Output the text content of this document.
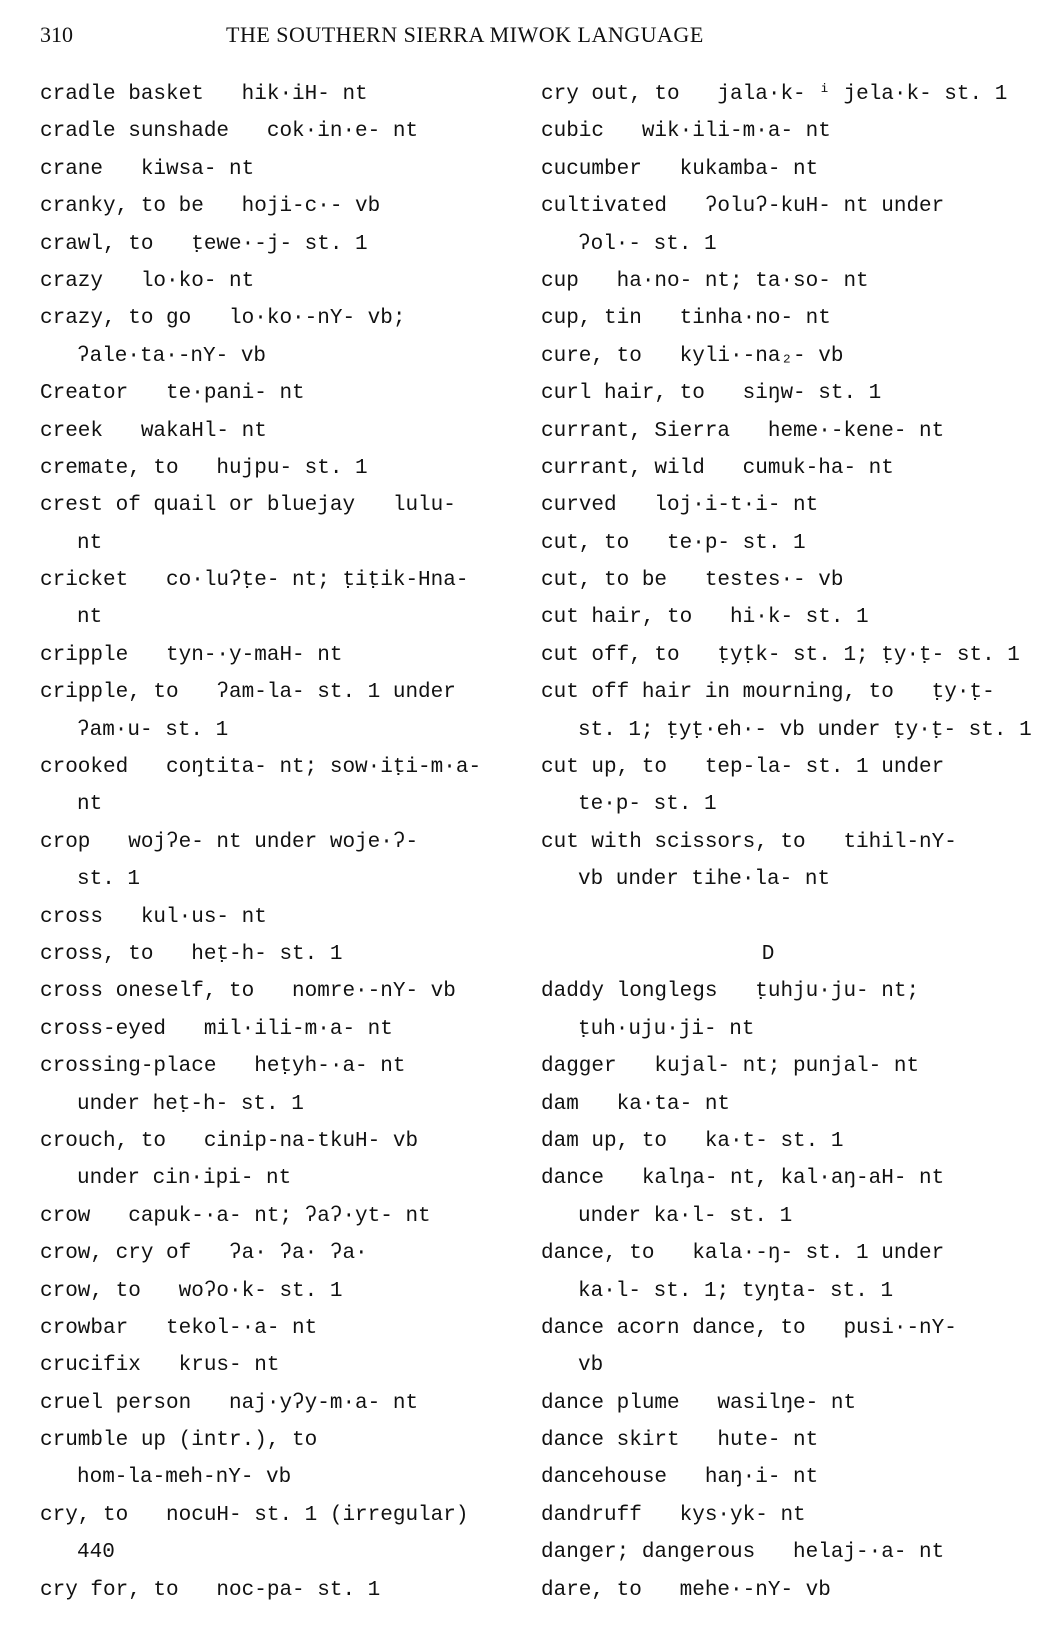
310	THE SOUTHERN SIERRA MIWOK LANGUAGE
cradle basket   hik·iH- nt
cradle sunshade   cok·in·e- nt
crane   kiwsa- nt
cranky, to be   hoji-c·- vb
crawl, to   ṭewe·-j- st. 1
crazy   lo·ko- nt
crazy, to go   lo·ko·-nY- vb;
ʔale·ta·-nY- vb
Creator   te·pani- nt
creek   wakaHl- nt
cremate, to   hujpu- st. 1
crest of quail or bluejay   lulu-
nt
cricket   co·luʔṭe- nt; ṭiṭik-Hna-
nt
cripple   tyn-·y-maH- nt
cripple, to   ʔam-la- st. 1 under
ʔam·u- st. 1
crooked   coŋtita- nt; sow·iṭi-m·a-
nt
crop   wojʔe- nt under woje·ʔ-
st. 1
cross   kul·us- nt
cross, to   heṭ-h- st. 1
cross oneself, to   nomre·-nY- vb
cross-eyed   mil·ili-m·a- nt
crossing-place   heṭyh-·a- nt
under heṭ-h- st. 1
crouch, to   cinip-na-tkuH- vb
under cin·ipi- nt
crow   capuk-·a- nt; ʔaʔ·yt- nt
crow, cry of   ʔa· ʔa· ʔa·
crow, to   woʔo·k- st. 1
crowbar   tekol-·a- nt
crucifix   krus- nt
cruel person   naj·yʔy-m·a- nt
crumble up (intr.), to
hom-la-meh-nY- vb
cry, to   nocuH- st. 1 (irregular)
440
cry for, to   noc-pa- st. 1
cry out, to   jala·k- ⁱ jela·k- st. 1
cubic   wik·ili-m·a- nt
cucumber   kukamba- nt
cultivated   ʔoluʔ-kuH- nt under
ʔol·- st. 1
cup   ha·no- nt; ta·so- nt
cup, tin   tinha·no- nt
cure, to   kyli·-na₂- vb
curl hair, to   siŋw- st. 1
currant, Sierra   heme·-kene- nt
currant, wild   cumuk-ha- nt
curved   loj·i-t·i- nt
cut, to   te·p- st. 1
cut, to be   testes·- vb
cut hair, to   hi·k- st. 1
cut off, to   ṭyṭk- st. 1; ṭy·ṭ- st. 1
cut off hair in mourning, to   ṭy·ṭ-
st. 1; ṭyṭ·eh·- vb under ṭy·ṭ- st. 1
cut up, to   tep-la- st. 1 under
te·p- st. 1
cut with scissors, to   tihil-nY-
vb under tihe·la- nt
D
daddy longlegs   ṭuhju·ju- nt;
ṭuh·uju·ji- nt
dagger   kujal- nt; punjal- nt
dam   ka·ta- nt
dam up, to   ka·t- st. 1
dance   kalŋa- nt, kal·aŋ-aH- nt
under ka·l- st. 1
dance, to   kala·-ŋ- st. 1 under
ka·l- st. 1; tyŋta- st. 1
dance acorn dance, to   pusi·-nY-
vb
dance plume   wasilŋe- nt
dance skirt   hute- nt
dancehouse   haŋ·i- nt
dandruff   kys·yk- nt
danger; dangerous   helaj-·a- nt
dare, to   mehe·-nY- vb
